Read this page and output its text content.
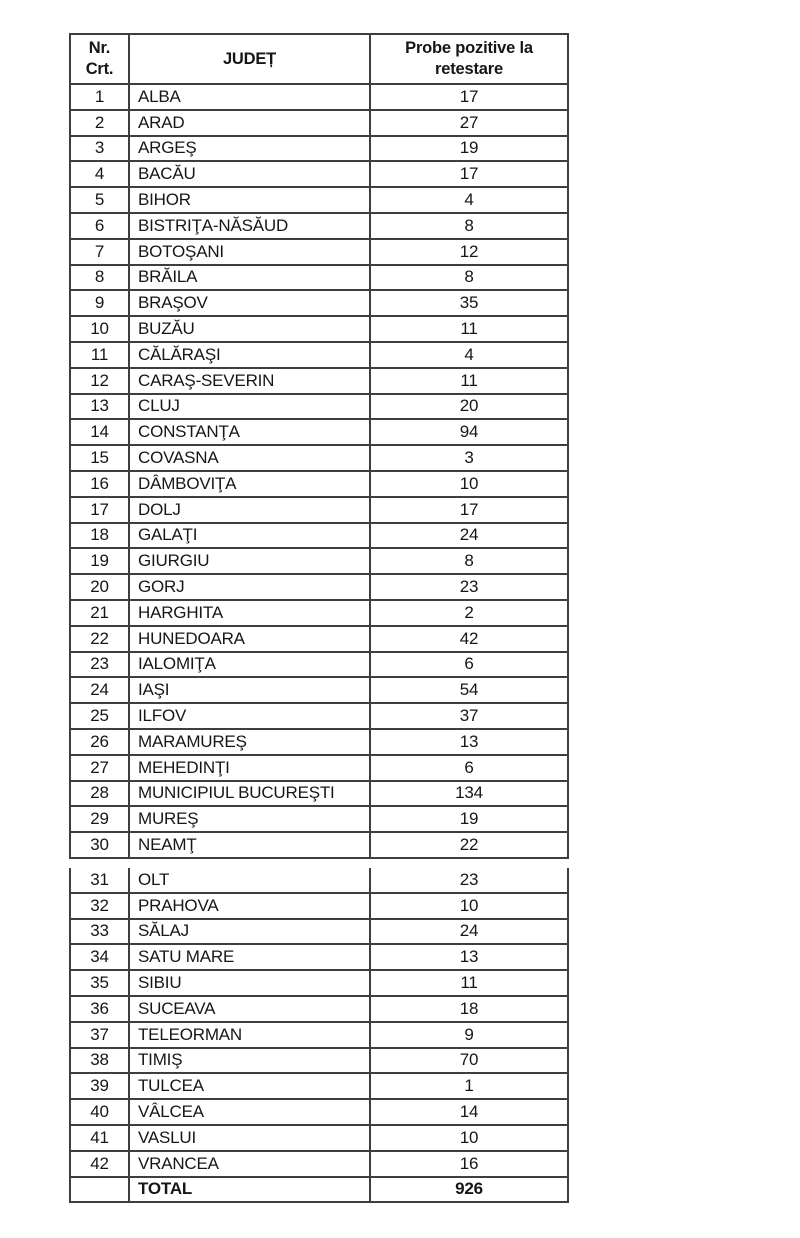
Nr.
Crt.	JUDEȚ	Probe pozitive la retestare
1	ALBA	17
2	ARAD	27
3	ARGEŞ	19
4	BACĂU	17
5	BIHOR	4
6	BISTRIŢA-NĂSĂUD	8
7	BOTOŞANI	12
8	BRĂILA	8
9	BRAŞOV	35
10	BUZĂU	11
11	CĂLĂRAŞI	4
12	CARAŞ-SEVERIN	11
13	CLUJ	20
14	CONSTANŢA	94
15	COVASNA	3
16	DÂMBOVIŢA	10
17	DOLJ	17
18	GALAŢI	24
19	GIURGIU	8
20	GORJ	23
21	HARGHITA	2
22	HUNEDOARA	42
23	IALOMIŢA	6
24	IAŞI	54
25	ILFOV	37
26	MARAMUREŞ	13
27	MEHEDINŢI	6
28	MUNICIPIUL BUCUREŞTI	134
29	MUREŞ	19
30	NEAMŢ	22
31	OLT	23
32	PRAHOVA	10
33	SĂLAJ	24
34	SATU MARE	13
35	SIBIU	11
36	SUCEAVA	18
37	TELEORMAN	9
38	TIMIŞ	70
39	TULCEA	1
40	VÂLCEA	14
41	VASLUI	10
42	VRANCEA	16
	TOTAL	926
